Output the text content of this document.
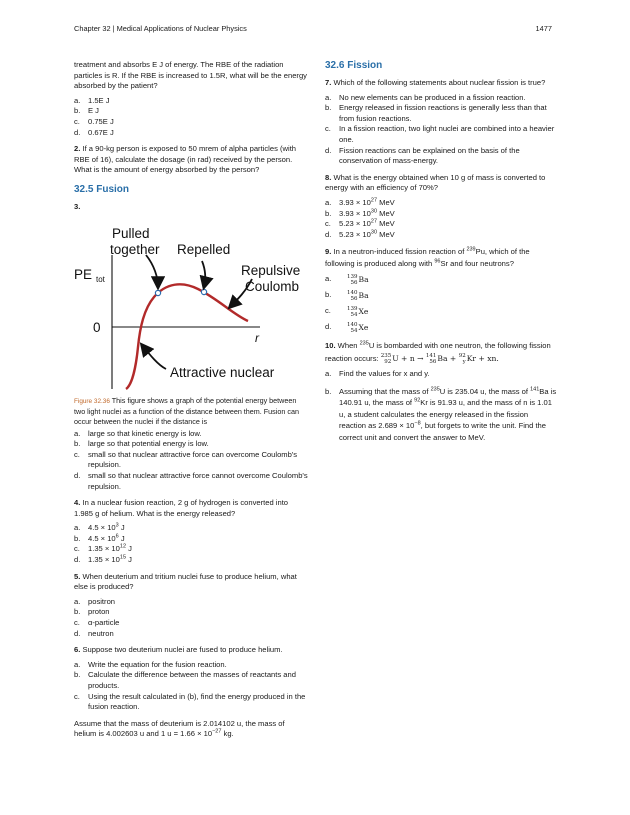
Chapter 32 | Medical Applications of Nuclear Physics	1477

treatment and absorbs E J of energy. The RBE of the radiation particles is R. If the RBE is increased to 1.5R, what will be the energy absorbed by the patient?

a.	1.5E J
b.	E J
c.	0.75E J
d.	0.67E J

2. If a 90-kg person is exposed to 50 mrem of alpha particles (with RBE of 16), calculate the dosage (in rad) received by the person. What is the amount of energy absorbed by the person?

32.5 Fusion

3.

Pulled
together Repelled
Repulsive
Coulomb
PE tot
0
r
Attractive nuclear

Figure 32.36 This figure shows a graph of the potential energy between two light nuclei as a function of the distance between them. Fusion can occur between the nuclei if the distance is

a.	large so that kinetic energy is low.
b.	large so that potential energy is low.
c.	small so that nuclear attractive force can overcome Coulomb's repulsion.
d.	small so that nuclear attractive force cannot overcome Coulomb's repulsion.

4. In a nuclear fusion reaction, 2 g of hydrogen is converted into 1.985 g of helium. What is the energy released?

a.	$4.5 \times 10^3$ J
b.	$4.5 \times 10^6$ J
c.	$1.35 \times 10^{12}$ J
d.	$1.35 \times 10^{15}$ J

5. When deuterium and tritium nuclei fuse to produce helium, what else is produced?

a.	positron
b.	proton
c.	α-particle
d.	neutron

6. Suppose two deuterium nuclei are fused to produce helium.

a.	Write the equation for the fusion reaction.
b.	Calculate the difference between the masses of reactants and products.
c.	Using the result calculated in (b), find the energy produced in the fusion reaction.

Assume that the mass of deuterium is 2.014102 u, the mass of helium is 4.002603 u and 1 $u = 1.66 \times 10^{-27}$ kg.

32.6 Fission

7. Which of the following statements about nuclear fission is true?

a.	No new elements can be produced in a fission reaction.
b.	Energy released in fission reactions is generally less than that from fusion reactions.
c.	In a fission reaction, two light nuclei are combined into a heavier one.
d.	Fission reactions can be explained on the basis of the conservation of mass-energy.

8. What is the energy obtained when 10 g of mass is converted to energy with an efficiency of 70%?

a.	$3.93 \times 10^{27}$ MeV
b.	$3.93 \times 10^{30}$ MeV
c.	$5.23 \times 10^{27}$ MeV
d.	$5.23 \times 10^{30}$ MeV

9. In a neutron-induced fission reaction of $^{239}$Pu, which of the following is produced along with $^{96}$Sr and four neutrons?

a.	139
56 Ba
b.	140
56 Ba
c.	139
54 Xe
d.	140
54 Xe

10. When $^{235}$U is bombarded with one neutron, the following fission reaction occurs: 235
92 U + n → 141
56 Ba + 92
y Kr + xn.

a.	Find the values for x and y.
b.	Assuming that the mass of $^{235}$U is 235.04 u, the mass of $^{141}$Ba is 140.91 u, the mass of $^{92}$Kr is 91.93 u, and the mass of n is 1.01 u, a student calculates the energy released in the fission reaction as $2.689 \times 10^{-8}$, but forgets to write the unit. Find the correct unit and convert the answer to MeV.
